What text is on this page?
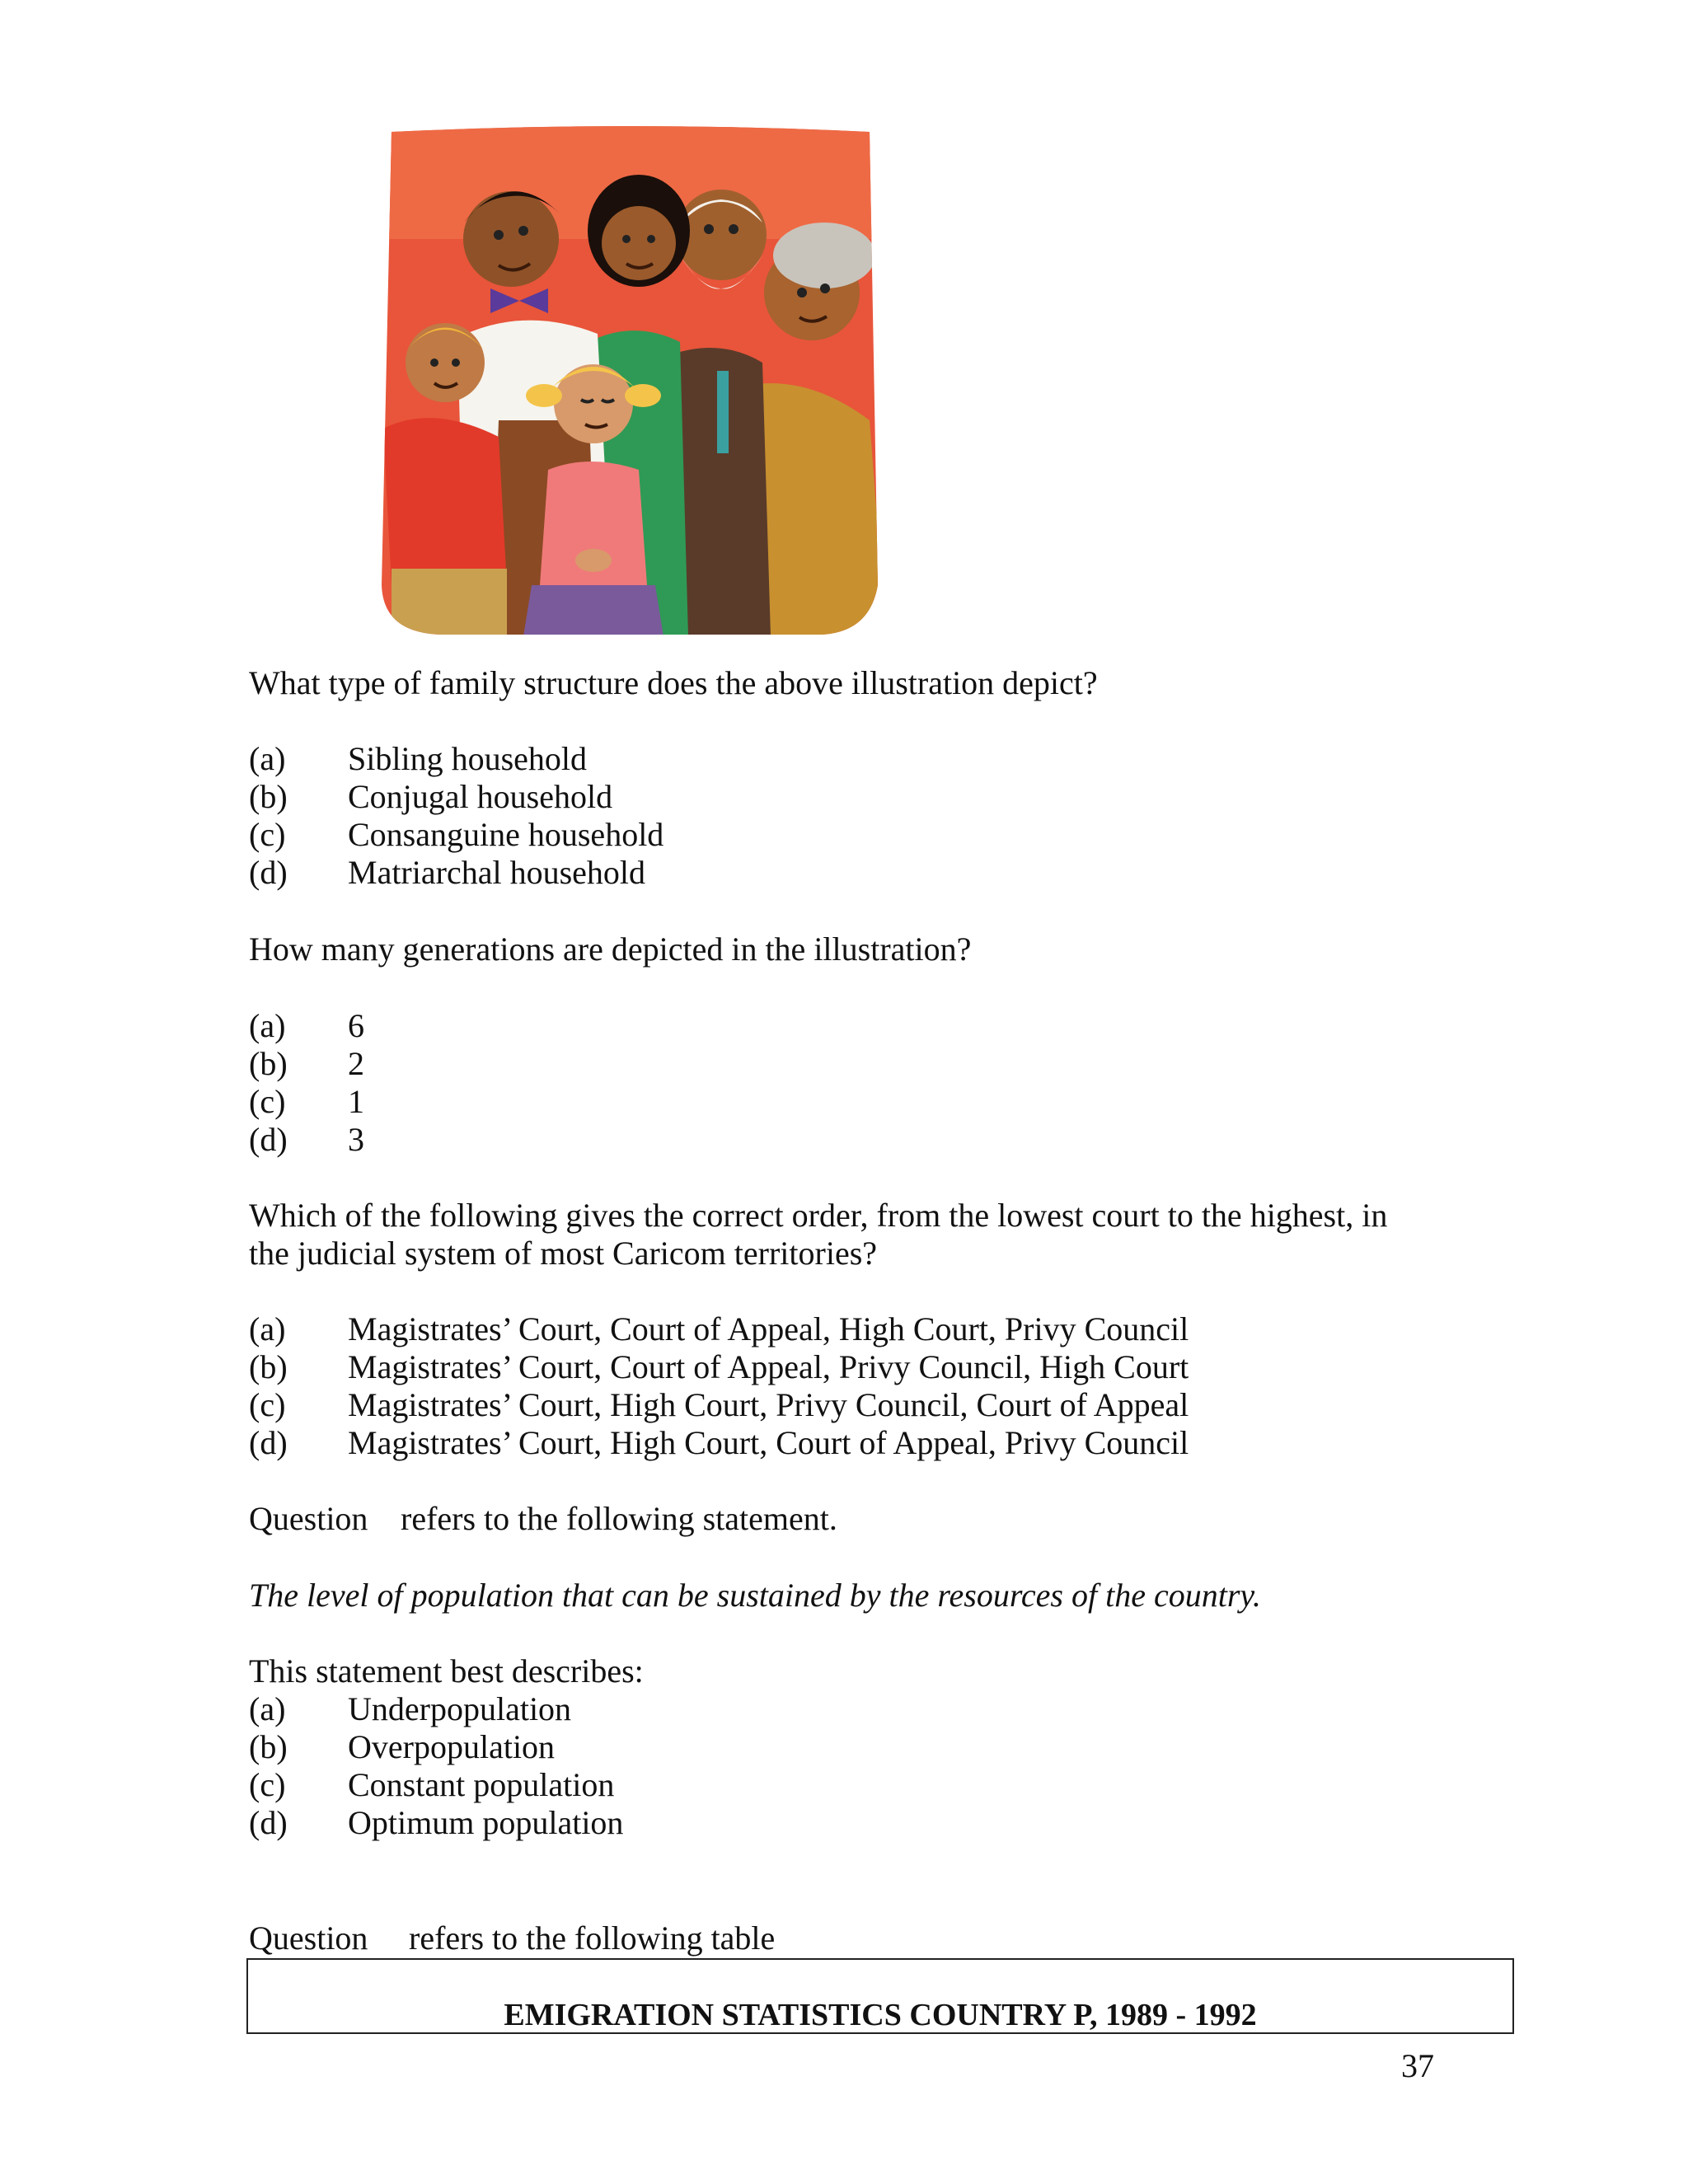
What type of family structure does the above illustration depict?
(a) Sibling household
(b) Conjugal household
(c) Consanguine household
(d) Matriarchal household
How many generations are depicted in the illustration?
(a) 6
(b) 2
(c) 1
(d) 3
Which of the following gives the correct order, from the lowest court to the highest, in
the judicial system of most Caricom territories?
(a) Magistrates’ Court, Court of Appeal, High Court, Privy Council
(b) Magistrates’ Court, Court of Appeal, Privy Council, High Court
(c) Magistrates’ Court, High Court, Privy Council, Court of Appeal
(d) Magistrates’ Court, High Court, Court of Appeal, Privy Council
Question refers to the following statement.
The level of population that can be sustained by the resources of the country.
This statement best describes:
(a) Underpopulation
(b) Overpopulation
(c) Constant population
(d) Optimum population
Question refers to the following table
EMIGRATION STATISTICS COUNTRY P, 1989 - 1992
37
